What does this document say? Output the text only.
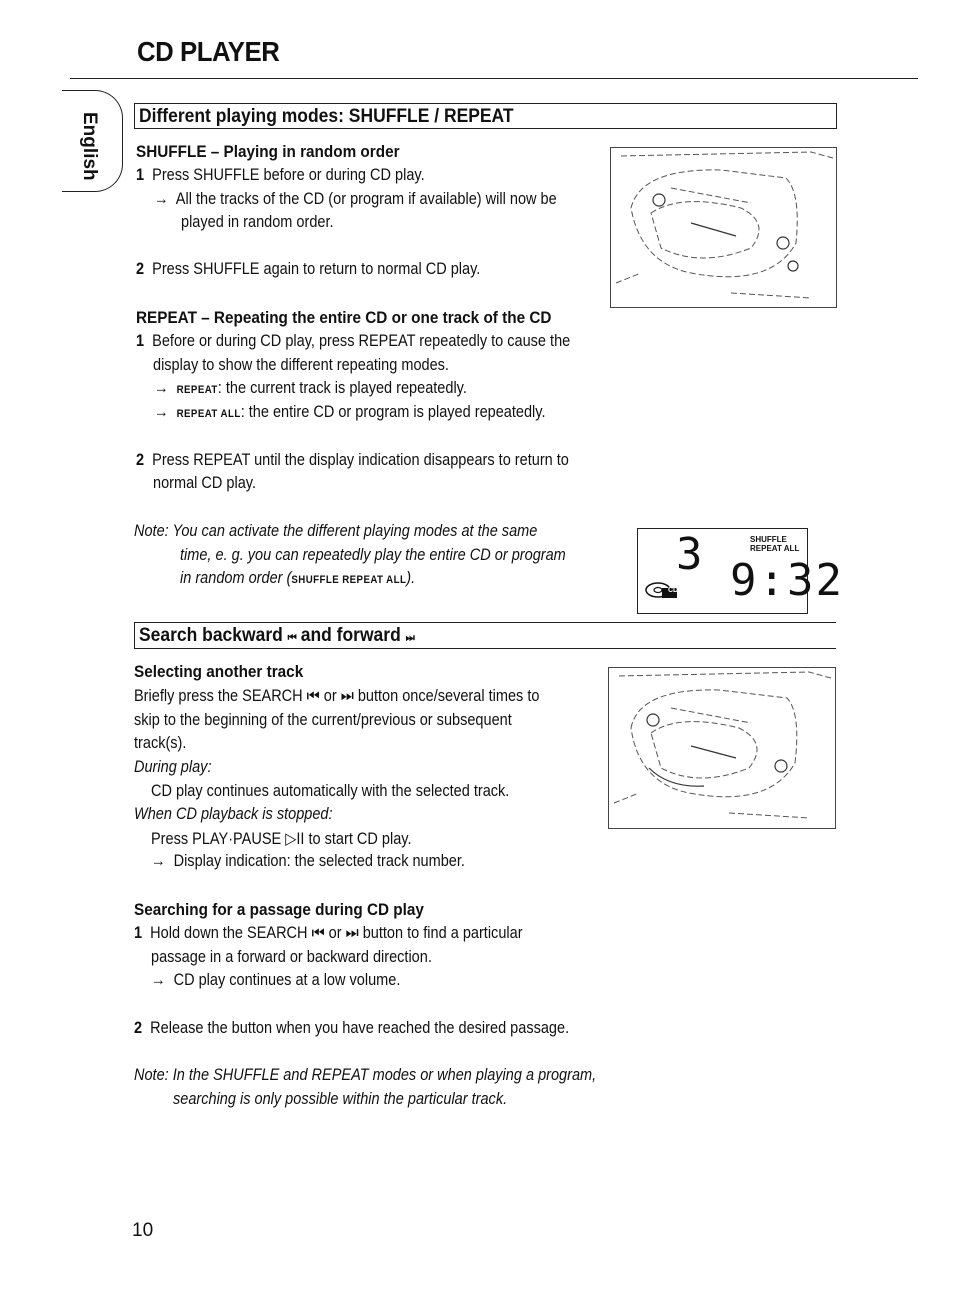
CD PLAYER
English Different playing modes: SHUFFLE / REPEAT
SHUFFLE – Playing in random order
1 Press SHUFFLE before or during CD play.
→ All the tracks of the CD (or program if available) will now be
played in random order.
2 Press SHUFFLE again to return to normal CD play.
REPEAT – Repeating the entire CD or one track of the CD
1 Before or during CD play, press REPEAT repeatedly to cause the
display to show the different repeating modes.
→ REPEAT: the current track is played repeatedly.
→ REPEAT ALL: the entire CD or program is played repeatedly.
2 Press REPEAT until the display indication disappears to return to
normal CD play.
Note: You can activate the different playing modes at the same
time, e. g. you can repeatedly play the entire CD or program
in random order (SHUFFLE REPEAT ALL).	3	SHUFFLE
REPEAT ALL
CD 9:32
Search backward ⏮ and forward ⏭
Selecting another track
Briefly press the SEARCH ⏮ or ⏭ button once/several times to
skip to the beginning of the current/previous or subsequent
track(s).
During play:
CD play continues automatically with the selected track.
When CD playback is stopped:
Press PLAY·PAUSE ▷II to start CD play.
→ Display indication: the selected track number.
Searching for a passage during CD play
1 Hold down the SEARCH ⏮ or ⏭ button to find a particular
passage in a forward or backward direction.
→ CD play continues at a low volume.
2 Release the button when you have reached the desired passage.
Note: In the SHUFFLE and REPEAT modes or when playing a program,
searching is only possible within the particular track.
10
